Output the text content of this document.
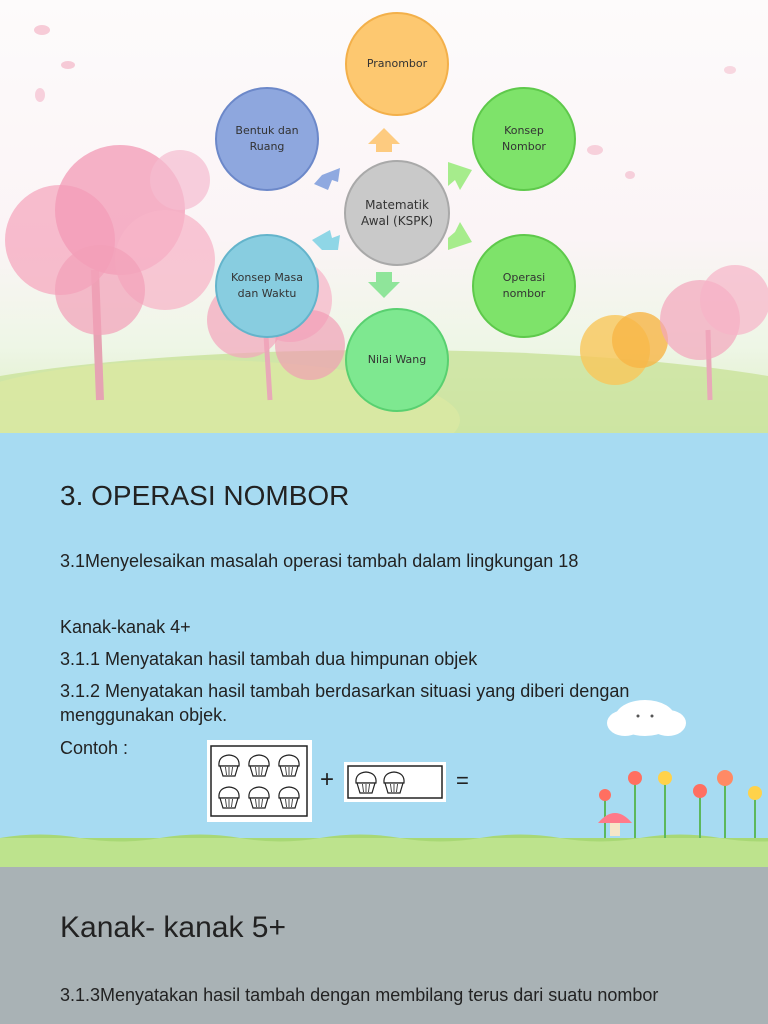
Pranombor
Konsep Nombor
Operasi nombor
Nilai Wang
Konsep Masa dan Waktu
Bentuk dan Ruang
Matematik Awal (KSPK)
3. OPERASI NOMBOR
3.1Menyelesaikan masalah operasi tambah dalam lingkungan 18
Kanak-kanak 4+
3.1.1 Menyatakan hasil tambah dua himpunan objek
3.1.2 Menyatakan hasil tambah berdasarkan situasi yang diberi dengan menggunakan objek.
Contoh :
+	=
Kanak- kanak 5+
3.1.3Menyatakan hasil tambah dengan membilang terus dari suatu nombor
